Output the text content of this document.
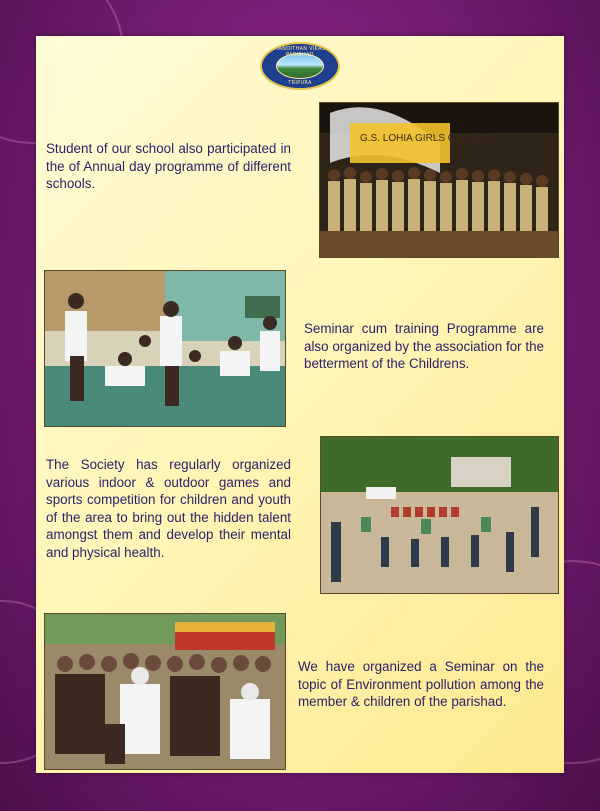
CHANDITHAN VIKASH PARISHAD
TRIPURA
G.S. LOHIA GIRLS COLLEGE

Student of our school also participated in the of Annual day programme of different schools.

Seminar cum training Programme are also organized by the association for the betterment of the Childrens.

The Society has regularly organized various indoor & outdoor games and sports competition for children and youth of the area to bring out the hidden talent amongst them and develop their mental and physical health.

We have organized a Seminar on the topic of Environment pollution among the member & children of the parishad.
